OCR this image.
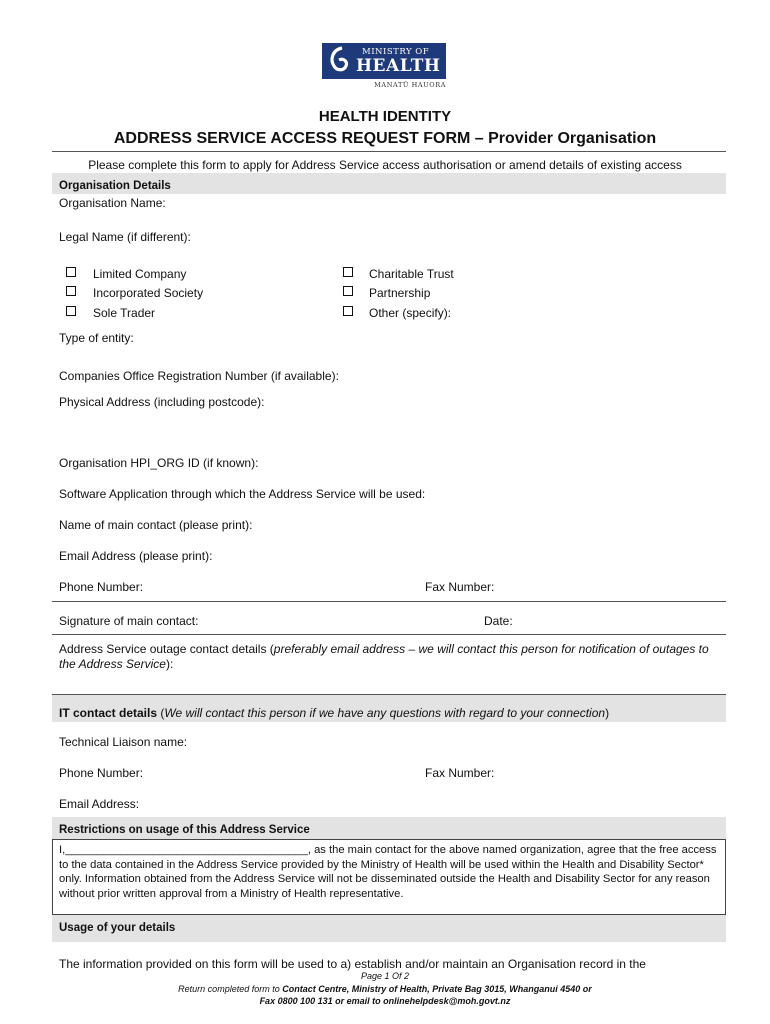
MINISTRY OF
HEALTH
MANATŪ HAUORA
HEALTH IDENTITY
ADDRESS SERVICE ACCESS REQUEST FORM – Provider Organisation
Please complete this form to apply for Address Service access authorisation or amend details of existing access
Organisation Details
Organisation Name:
Legal Name (if different):
Limited Company
Incorporated Society
Sole Trader
Charitable Trust
Partnership
Other (specify):
Type of entity:
Companies Office Registration Number (if available):
Physical Address (including postcode):
Organisation HPI_ORG ID (if known):
Software Application through which the Address Service will be used:
Name of main contact (please print):
Email Address (please print):
Phone Number:	Fax Number:
Signature of main contact:	Date:
Address Service outage contact details (preferably email address – we will contact this person for notification of outages to the Address Service):
IT contact details (We will contact this person if we have any questions with regard to your connection)
Technical Liaison name:
Phone Number:	Fax Number:
Email Address:
Restrictions on usage of this Address Service
I,_______________________________________, as the main contact for the above named organization, agree that the free access to the data contained in the Address Service provided by the Ministry of Health will be used within the Health and Disability Sector* only. Information obtained from the Address Service will not be disseminated outside the Health and Disability Sector for any reason without prior written approval from a Ministry of Health representative.
Usage of your details
The information provided on this form will be used to a) establish and/or maintain an Organisation record in the
Page 1 Of 2
Return completed form to Contact Centre, Ministry of Health, Private Bag 3015, Whanganui 4540 or
Fax 0800 100 131 or email to onlinehelpdesk@moh.govt.nz
